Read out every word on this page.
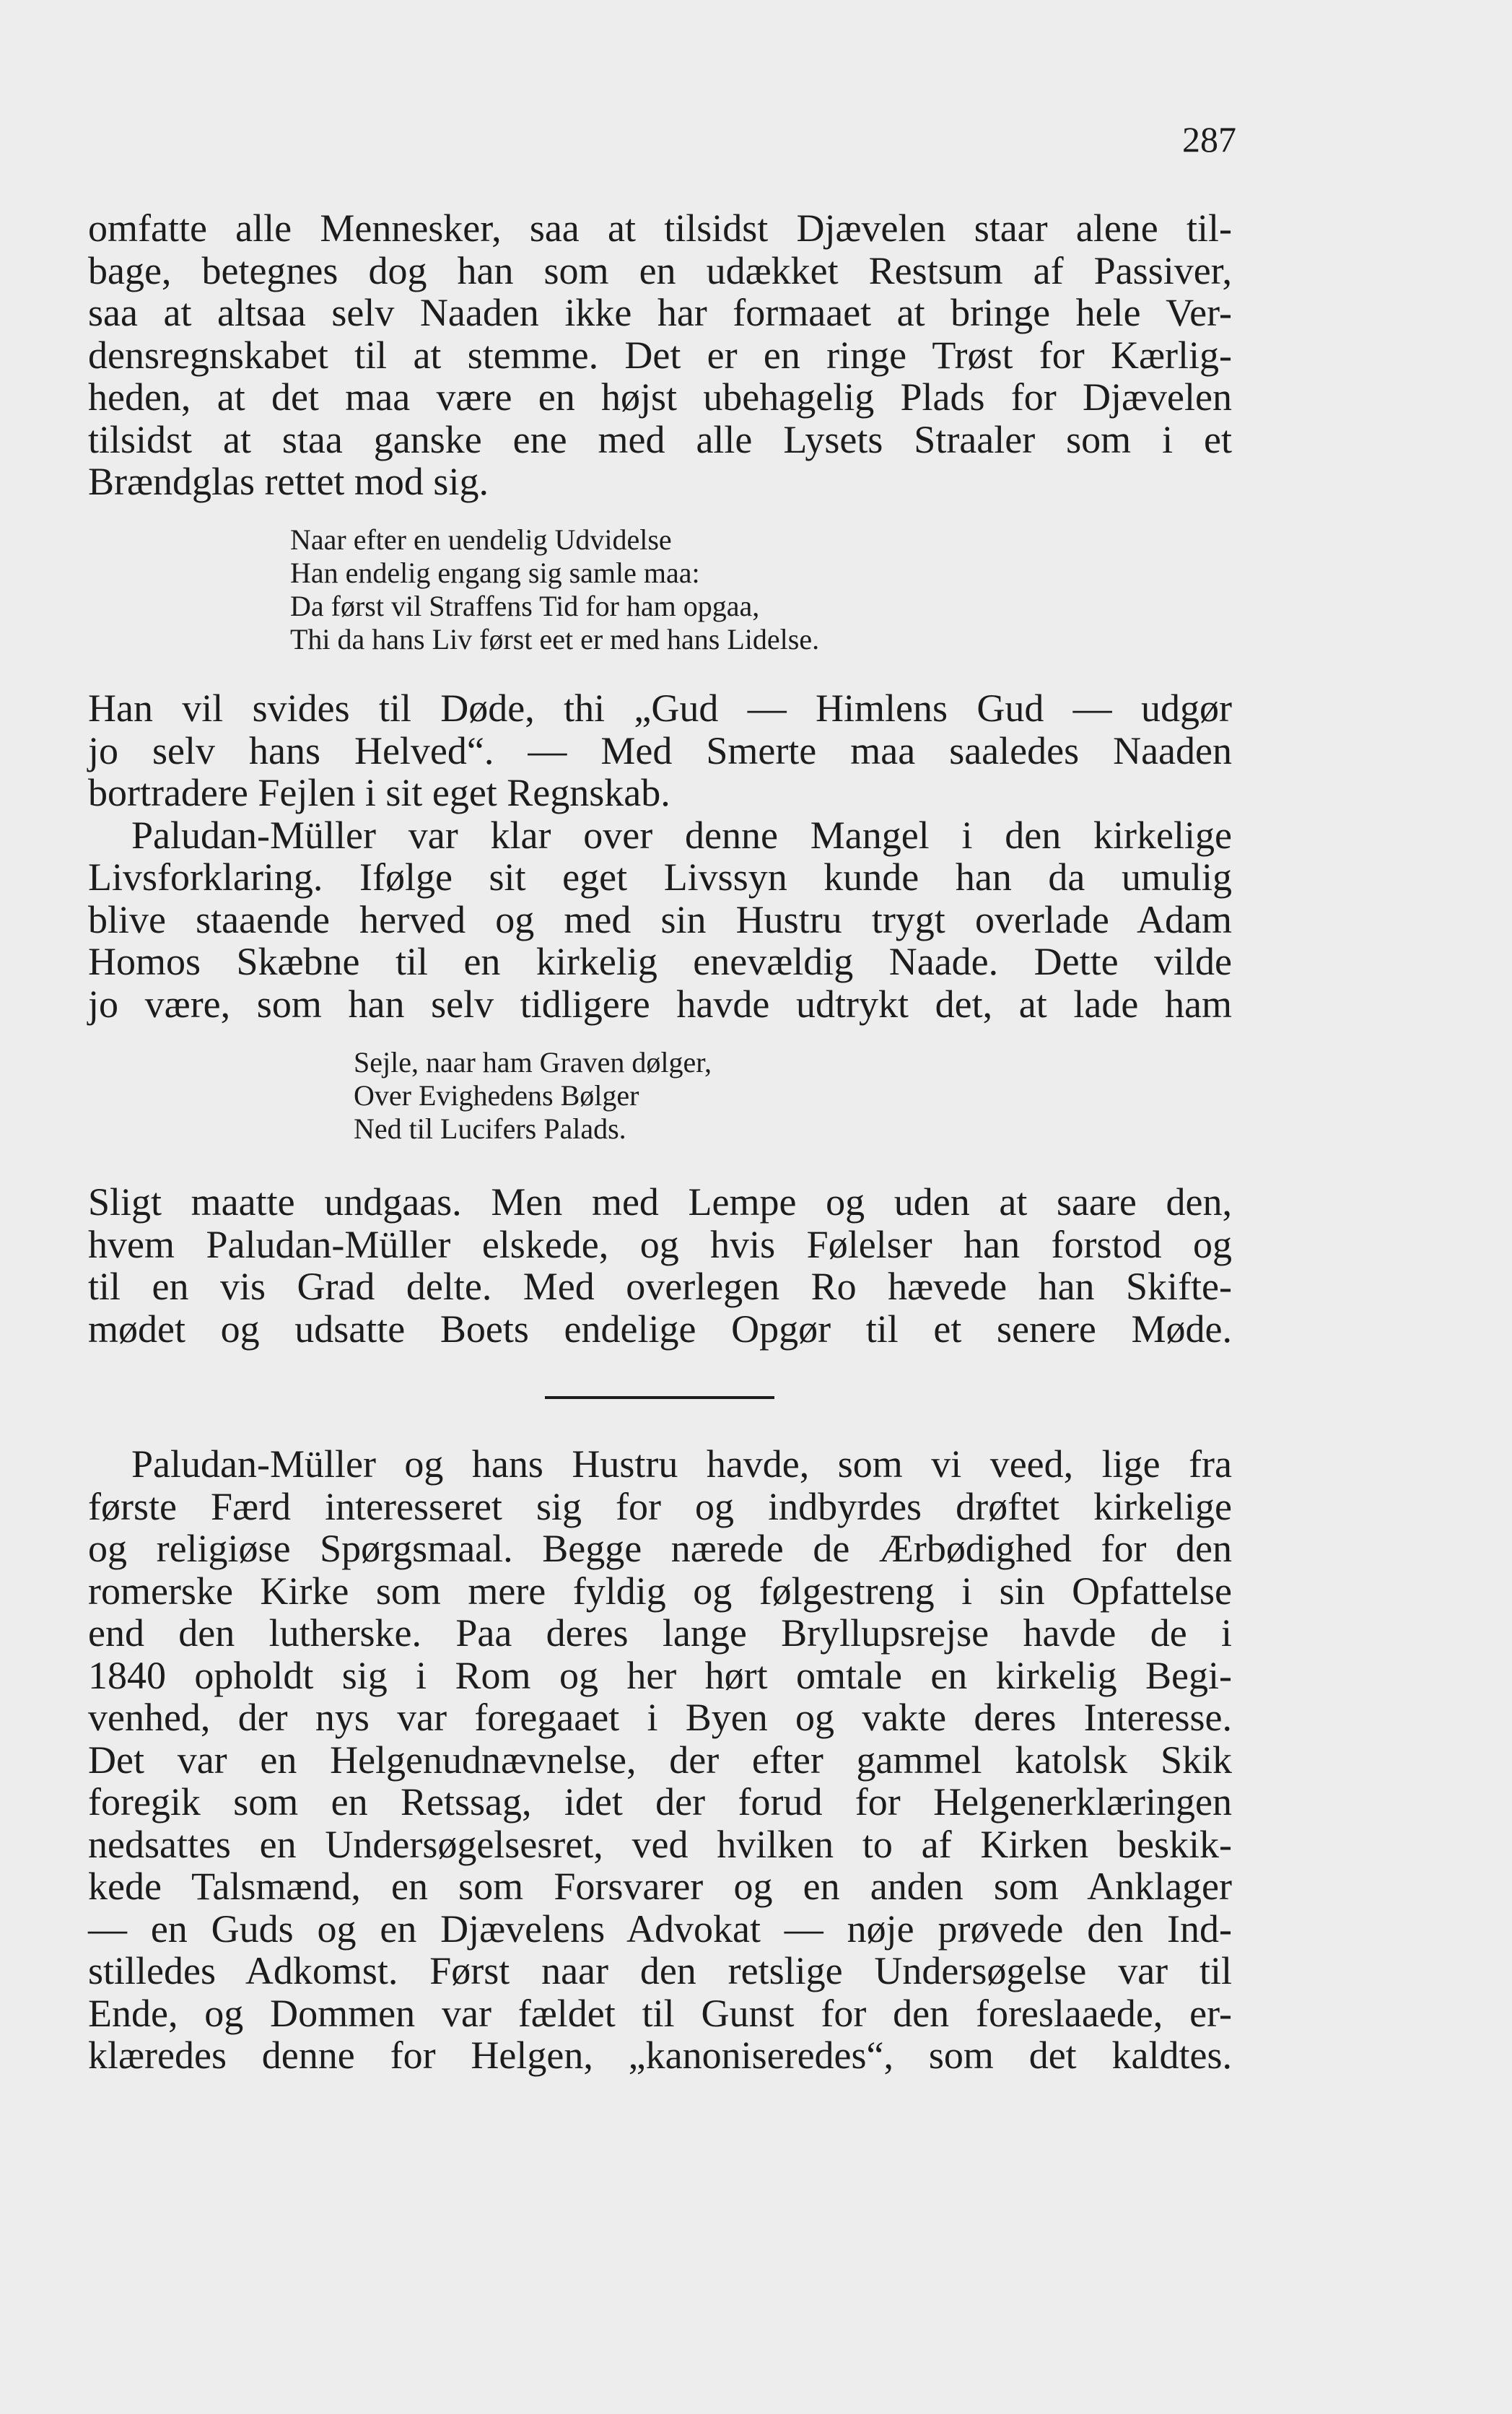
287
omfatte alle Mennesker, saa at tilsidst Djævelen staar alene til-
bage, betegnes dog han som en udækket Restsum af Passiver,
saa at altsaa selv Naaden ikke har formaaet at bringe hele Ver-
densregnskabet til at stemme. Det er en ringe Trøst for Kærlig-
heden, at det maa være en højst ubehagelig Plads for Djævelen
tilsidst at staa ganske ene med alle Lysets Straaler som i et
Brændglas rettet mod sig.
Naar efter en uendelig Udvidelse
Han endelig engang sig samle maa:
Da først vil Straffens Tid for ham opgaa,
Thi da hans Liv først eet er med hans Lidelse.
Han vil svides til Døde, thi „Gud — Himlens Gud — udgør
jo selv hans Helved“. — Med Smerte maa saaledes Naaden
bortradere Fejlen i sit eget Regnskab.
Paludan-Müller var klar over denne Mangel i den kirkelige
Livsforklaring. Ifølge sit eget Livssyn kunde han da umulig
blive staaende herved og med sin Hustru trygt overlade Adam
Homos Skæbne til en kirkelig enevældig Naade. Dette vilde
jo være, som han selv tidligere havde udtrykt det, at lade ham
Sejle, naar ham Graven dølger,
Over Evighedens Bølger
Ned til Lucifers Palads.
Sligt maatte undgaas. Men med Lempe og uden at saare den,
hvem Paludan-Müller elskede, og hvis Følelser han forstod og
til en vis Grad delte. Med overlegen Ro hævede han Skifte-
mødet og udsatte Boets endelige Opgør til et senere Møde.
Paludan-Müller og hans Hustru havde, som vi veed, lige fra
første Færd interesseret sig for og indbyrdes drøftet kirkelige
og religiøse Spørgsmaal. Begge nærede de Ærbødighed for den
romerske Kirke som mere fyldig og følgestreng i sin Opfattelse
end den lutherske. Paa deres lange Bryllupsrejse havde de i
1840 opholdt sig i Rom og her hørt omtale en kirkelig Begi-
venhed, der nys var foregaaet i Byen og vakte deres Interesse.
Det var en Helgenudnævnelse, der efter gammel katolsk Skik
foregik som en Retssag, idet der forud for Helgenerklæringen
nedsattes en Undersøgelsesret, ved hvilken to af Kirken beskik-
kede Talsmænd, en som Forsvarer og en anden som Anklager
— en Guds og en Djævelens Advokat — nøje prøvede den Ind-
stilledes Adkomst. Først naar den retslige Undersøgelse var til
Ende, og Dommen var fældet til Gunst for den foreslaaede, er-
klæredes denne for Helgen, „kanoniseredes“, som det kaldtes.
